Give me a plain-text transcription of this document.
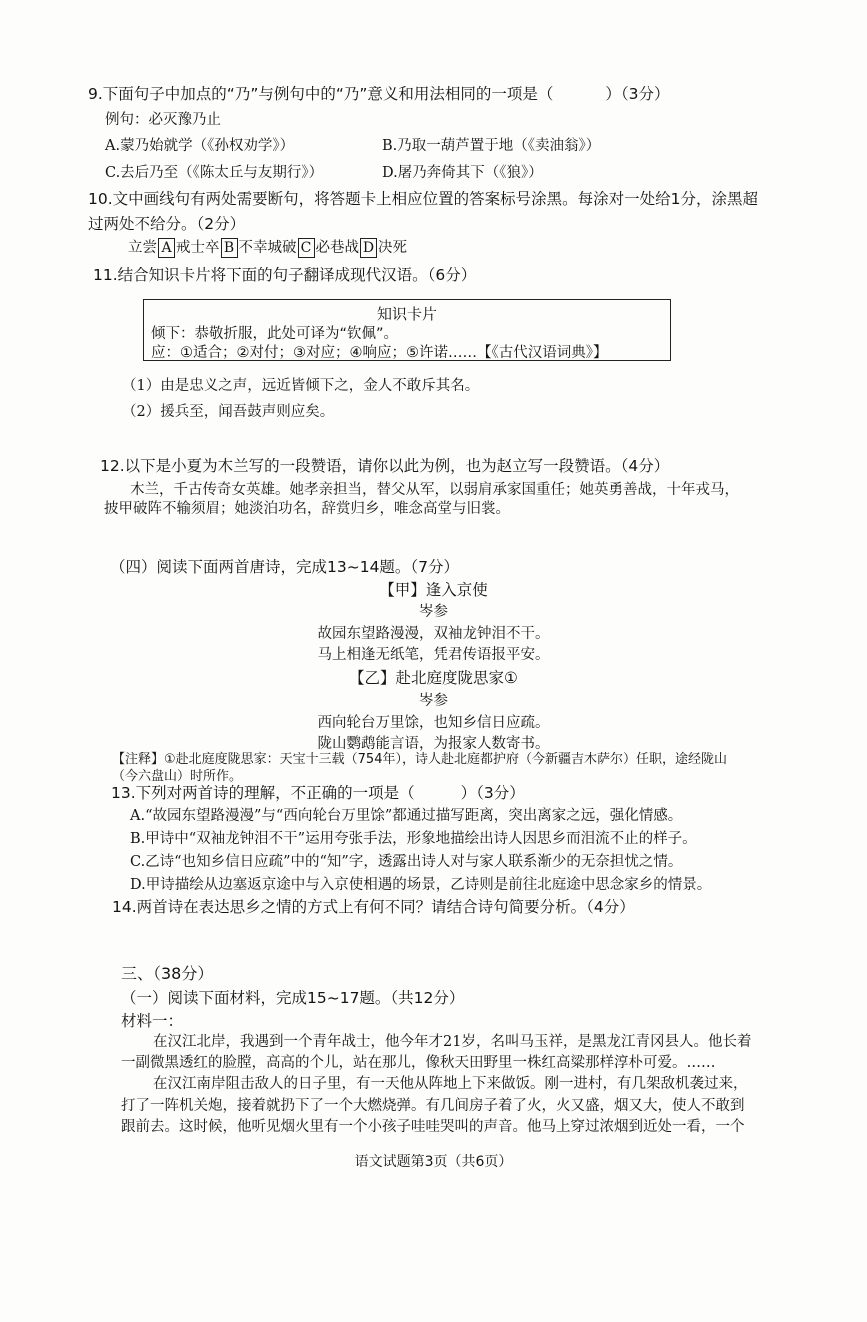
9.下面句子中加点的“乃”与例句中的“乃”意义和用法相同的一项是（	）（3分）
例句：必灭豫乃止
A.蒙乃始就学（《孙权劝学》）	B.乃取一葫芦置于地（《卖油翁》）
C.去后乃至（《陈太丘与友期行》）	D.屠乃奔倚其下（《狼》）
10.文中画线句有两处需要断句，将答题卡上相应位置的答案标号涂黑。每涂对一处给1分，涂黑超
过两处不给分。（2分）
立尝 A 戒士卒 B 不幸城破 C 必巷战 D 决死
11.结合知识卡片将下面的句子翻译成现代汉语。（6分）
知识卡片
倾下：恭敬折服，此处可译为“钦佩”。
应：①适合；②对付；③对应；④响应；⑤许诺……【《古代汉语词典》】
（1）由是忠义之声，远近皆倾下之，金人不敢斥其名。
（2）援兵至，闻吾鼓声则应矣。
12.以下是小夏为木兰写的一段赞语，请你以此为例，也为赵立写一段赞语。（4分）
木兰，千古传奇女英雄。她孝亲担当，替父从军，以弱肩承家国重任；她英勇善战，十年戎马，
披甲破阵不输须眉；她淡泊功名，辞赏归乡，唯念高堂与旧裳。
（四）阅读下面两首唐诗，完成13~14题。（7分）
【甲】逢入京使
岑参
故园东望路漫漫，双袖龙钟泪不干。
马上相逢无纸笔，凭君传语报平安。
【乙】赴北庭度陇思家①
岑参
西向轮台万里馀，也知乡信日应疏。
陇山鹦鹉能言语，为报家人数寄书。
【注释】①赴北庭度陇思家：天宝十三载（754年），诗人赴北庭都护府（今新疆吉木萨尔）任职，途经陇山
（今六盘山）时所作。
13.下列对两首诗的理解，不正确的一项是（	）（3分）
A.“故园东望路漫漫”与“西向轮台万里馀”都通过描写距离，突出离家之远，强化情感。
B.甲诗中“双袖龙钟泪不干”运用夸张手法，形象地描绘出诗人因思乡而泪流不止的样子。
C.乙诗“也知乡信日应疏”中的“知”字，透露出诗人对与家人联系渐少的无奈担忧之情。
D.甲诗描绘从边塞返京途中与入京使相遇的场景，乙诗则是前往北庭途中思念家乡的情景。
14.两首诗在表达思乡之情的方式上有何不同？请结合诗句简要分析。（4分）
三、（38分）
（一）阅读下面材料，完成15~17题。（共12分）
材料一：
在汉江北岸，我遇到一个青年战士，他今年才21岁，名叫马玉祥，是黑龙江青冈县人。他长着
一副微黑透红的脸膛，高高的个儿，站在那儿，像秋天田野里一株红高粱那样淳朴可爱。……
在汉江南岸阻击敌人的日子里，有一天他从阵地上下来做饭。刚一进村，有几架敌机袭过来，
打了一阵机关炮，接着就扔下了一个大燃烧弹。有几间房子着了火，火又盛，烟又大，使人不敢到
跟前去。这时候，他听见烟火里有一个小孩子哇哇哭叫的声音。他马上穿过浓烟到近处一看，一个
语文试题第3页（共6页）
